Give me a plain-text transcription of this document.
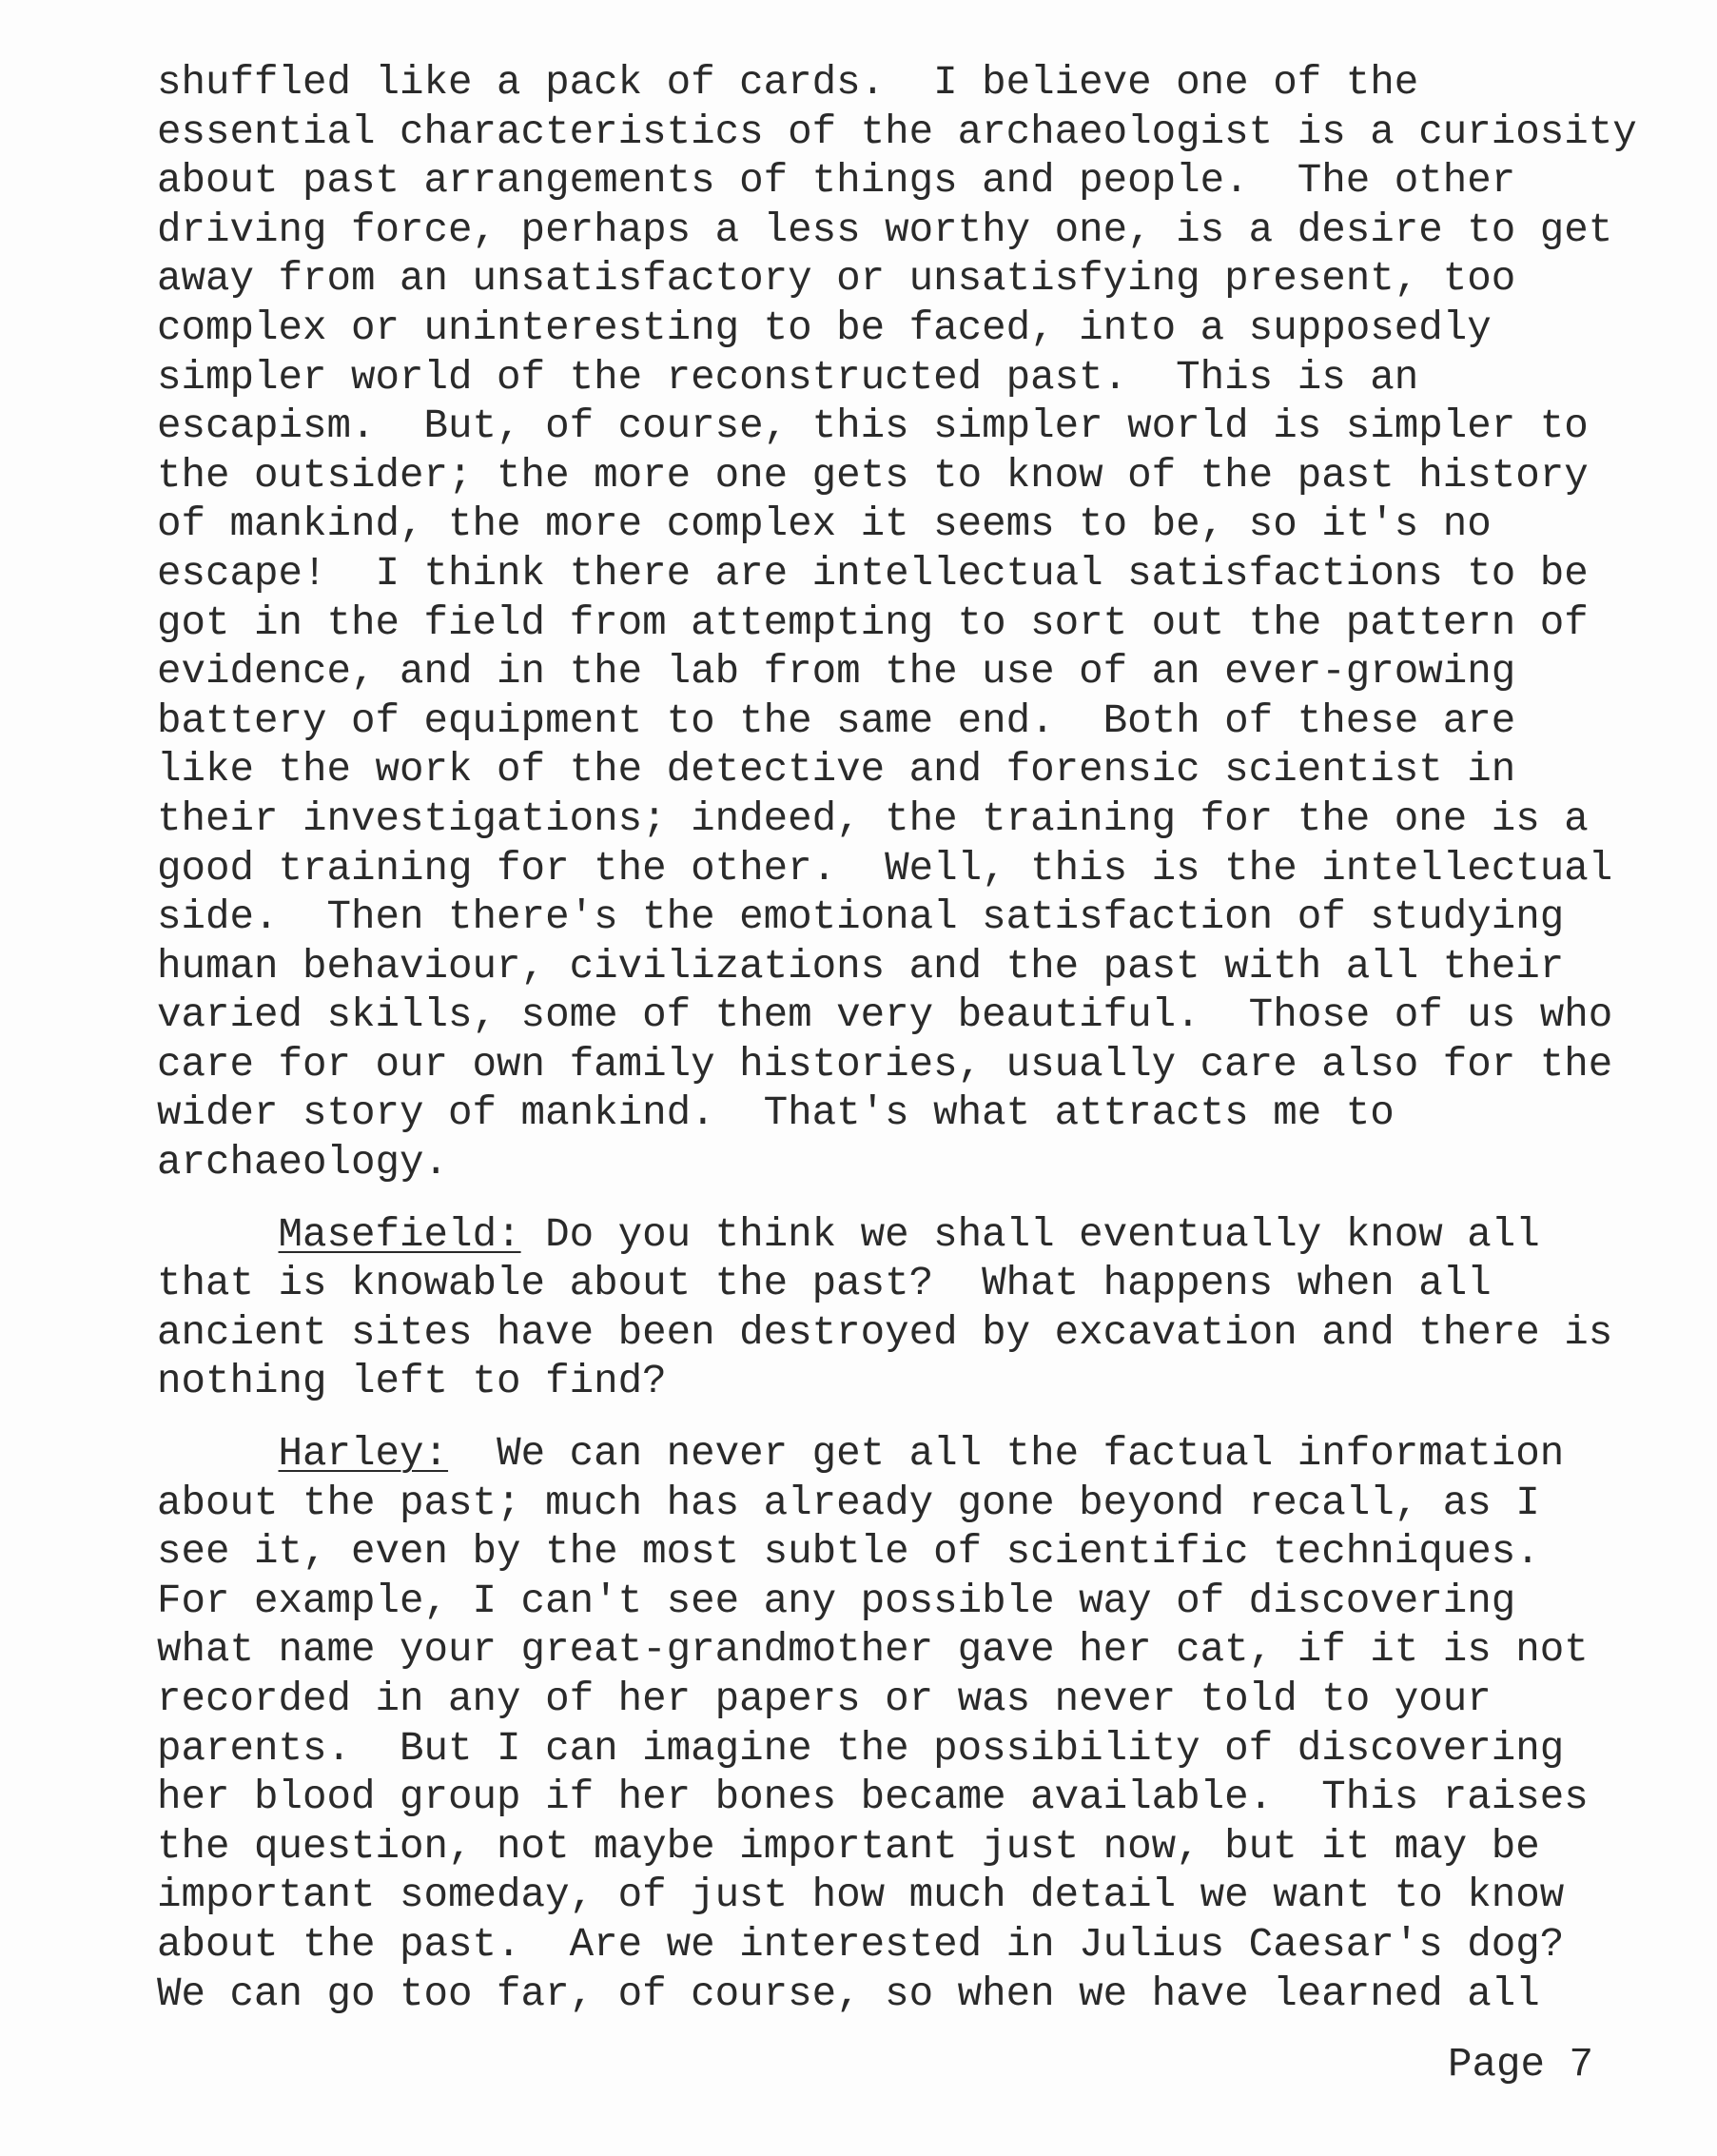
shuffled like a pack of cards.  I believe one of the
essential characteristics of the archaeologist is a curiosity
about past arrangements of things and people.  The other
driving force, perhaps a less worthy one, is a desire to get
away from an unsatisfactory or unsatisfying present, too
complex or uninteresting to be faced, into a supposedly
simpler world of the reconstructed past.  This is an
escapism.  But, of course, this simpler world is simpler to
the outsider; the more one gets to know of the past history
of mankind, the more complex it seems to be, so it's no
escape!  I think there are intellectual satisfactions to be
got in the field from attempting to sort out the pattern of
evidence, and in the lab from the use of an ever-growing
battery of equipment to the same end.  Both of these are
like the work of the detective and forensic scientist in
their investigations; indeed, the training for the one is a
good training for the other.  Well, this is the intellectual
side.  Then there's the emotional satisfaction of studying
human behaviour, civilizations and the past with all their
varied skills, some of them very beautiful.  Those of us who
care for our own family histories, usually care also for the
wider story of mankind.  That's what attracts me to
archaeology.
Masefield: Do you think we shall eventually know all
that is knowable about the past?  What happens when all
ancient sites have been destroyed by excavation and there is
nothing left to find?
Harley:  We can never get all the factual information
about the past; much has already gone beyond recall, as I
see it, even by the most subtle of scientific techniques.
For example, I can't see any possible way of discovering
what name your great-grandmother gave her cat, if it is not
recorded in any of her papers or was never told to your
parents.  But I can imagine the possibility of discovering
her blood group if her bones became available.  This raises
the question, not maybe important just now, but it may be
important someday, of just how much detail we want to know
about the past.  Are we interested in Julius Caesar's dog?
We can go too far, of course, so when we have learned all
Page 7
